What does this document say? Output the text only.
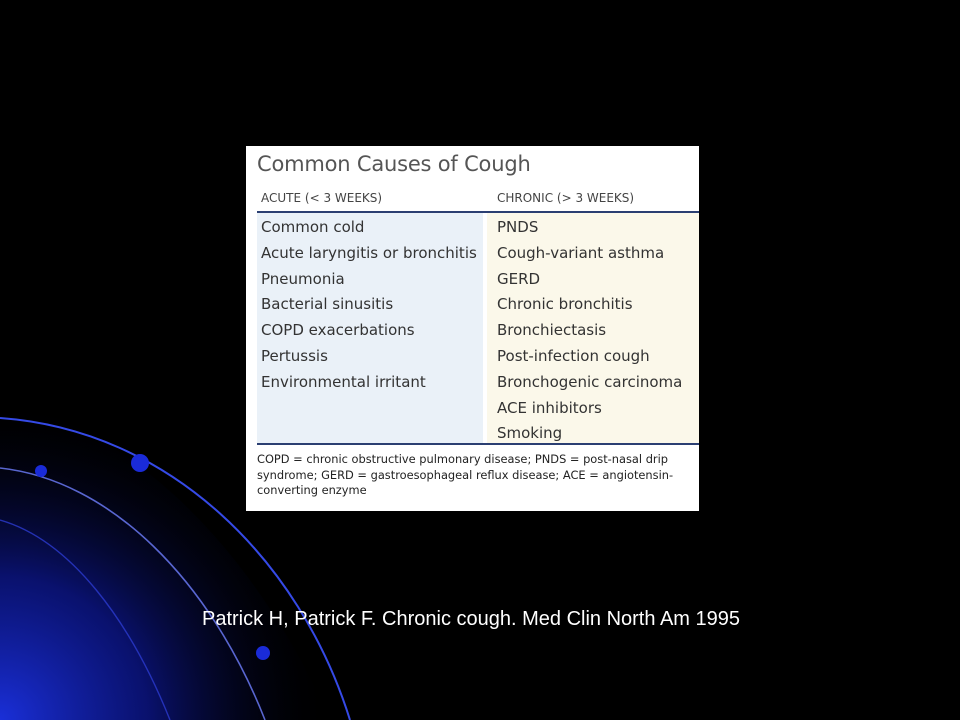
Common Causes of Cough
ACUTE (< 3 WEEKS)	CHRONIC (> 3 WEEKS)
Common cold
Acute laryngitis or bronchitis
Pneumonia
Bacterial sinusitis
COPD exacerbations
Pertussis
Environmental irritant
PNDS
Cough-variant asthma
GERD
Chronic bronchitis
Bronchiectasis
Post-infection cough
Bronchogenic carcinoma
ACE inhibitors
Smoking
COPD = chronic obstructive pulmonary disease; PNDS = post-nasal drip syndrome; GERD = gastroesophageal reflux disease; ACE = angiotensin-converting enzyme
Patrick H, Patrick F. Chronic cough. Med Clin North Am 1995
